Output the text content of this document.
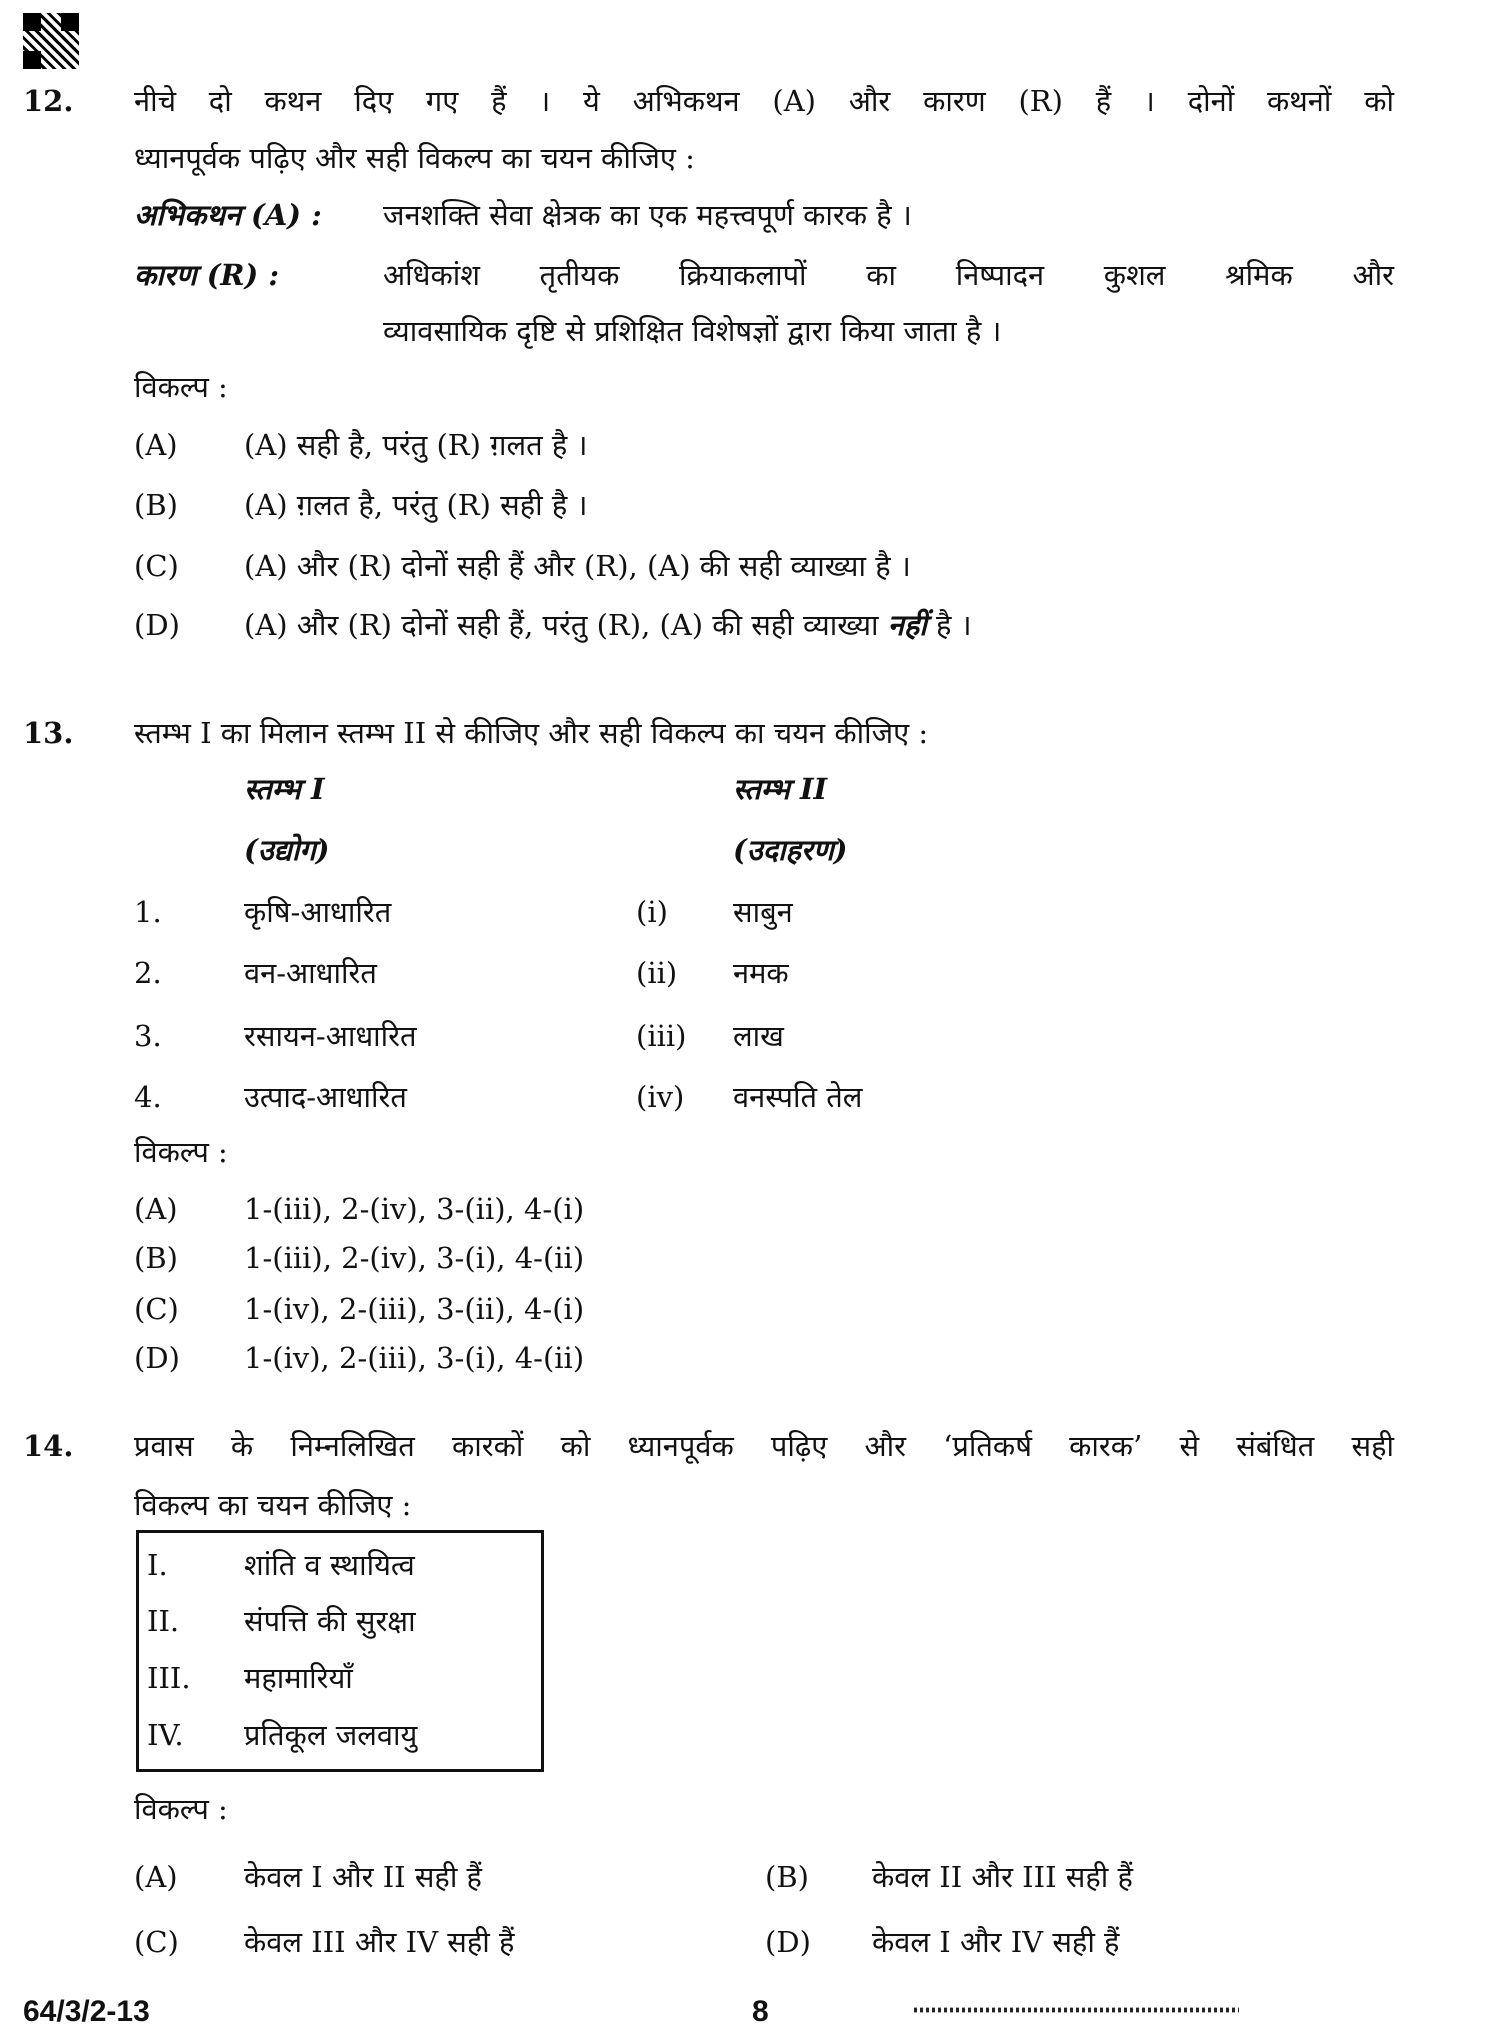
12. नीचे दो कथन दिए गए हैं । ये अभिकथन (A) और कारण (R) हैं । दोनों कथनों को
ध्यानपूर्वक पढ़िए और सही विकल्प का चयन कीजिए :
अभिकथन (A) : जनशक्ति सेवा क्षेत्रक का एक महत्त्वपूर्ण कारक है ।
कारण (R) :	अधिकांश तृतीयक क्रियाकलापों का निष्पादन कुशल श्रमिक और
व्यावसायिक दृष्टि से प्रशिक्षित विशेषज्ञों द्वारा किया जाता है ।
विकल्प :
(A) (A) सही है, परंतु (R) ग़लत है ।
(B) (A) ग़लत है, परंतु (R) सही है ।
(C) (A) और (R) दोनों सही हैं और (R), (A) की सही व्याख्या है ।
(D) (A) और (R) दोनों सही हैं, परंतु (R), (A) की सही व्याख्या नहीं है ।
13. स्तम्भ I का मिलान स्तम्भ II से कीजिए और सही विकल्प का चयन कीजिए :
स्तम्भ I	स्तम्भ II
(उद्योग)	(उदाहरण)
1.	कृषि-आधारित	(i) साबुन
2.	वन-आधारित	(ii) नमक
3.	रसायन-आधारित	(iii) लाख
4.	उत्पाद-आधारित	(iv) वनस्पति तेल
विकल्प :
(A) 1-(iii), 2-(iv), 3-(ii), 4-(i)
(B) 1-(iii), 2-(iv), 3-(i), 4-(ii)
(C) 1-(iv), 2-(iii), 3-(ii), 4-(i)
(D) 1-(iv), 2-(iii), 3-(i), 4-(ii)
14. प्रवास के निम्नलिखित कारकों को ध्यानपूर्वक पढ़िए और ‘प्रतिकर्ष कारक’ से संबंधित सही
विकल्प का चयन कीजिए :
I.	शांति व स्थायित्व
II. संपत्ति की सुरक्षा
III. महामारियाँ
IV. प्रतिकूल जलवायु
विकल्प :
(A) केवल I और II सही हैं	(B) केवल II और III सही हैं
(C) केवल III और IV सही हैं	(D) केवल I और IV सही हैं
64/3/2-13	8
